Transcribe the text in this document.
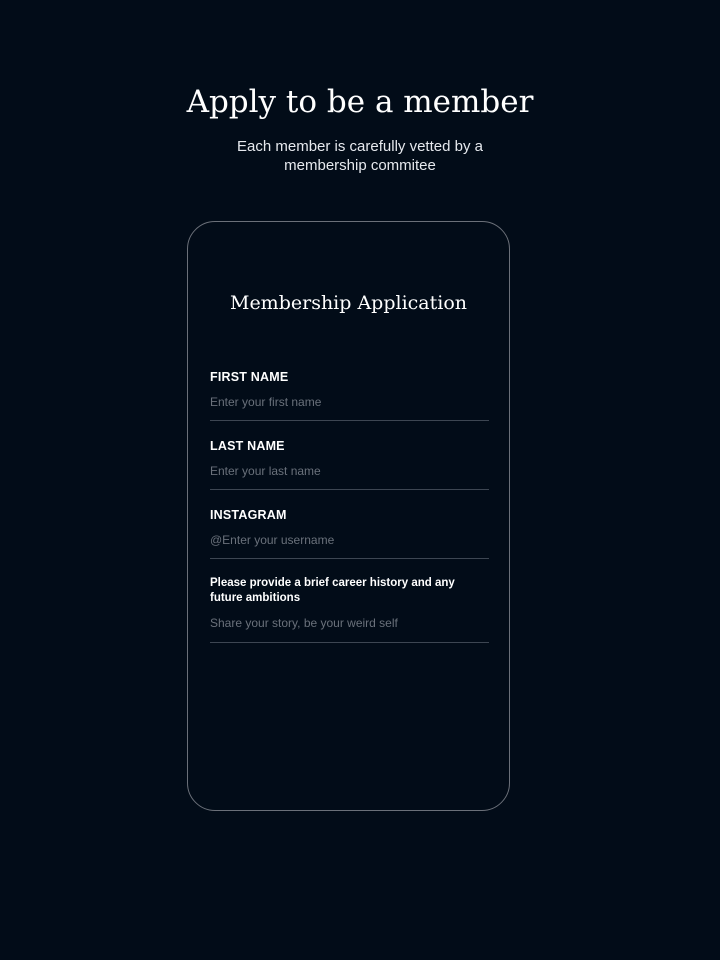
Apply to be a member

Each member is carefully vetted by a membership commitee

Membership Application
FIRST NAME
Enter your first name
LAST NAME
Enter your last name
INSTAGRAM
@Enter your username
Please provide a brief career history and any future ambitions
Share your story, be your weird self
